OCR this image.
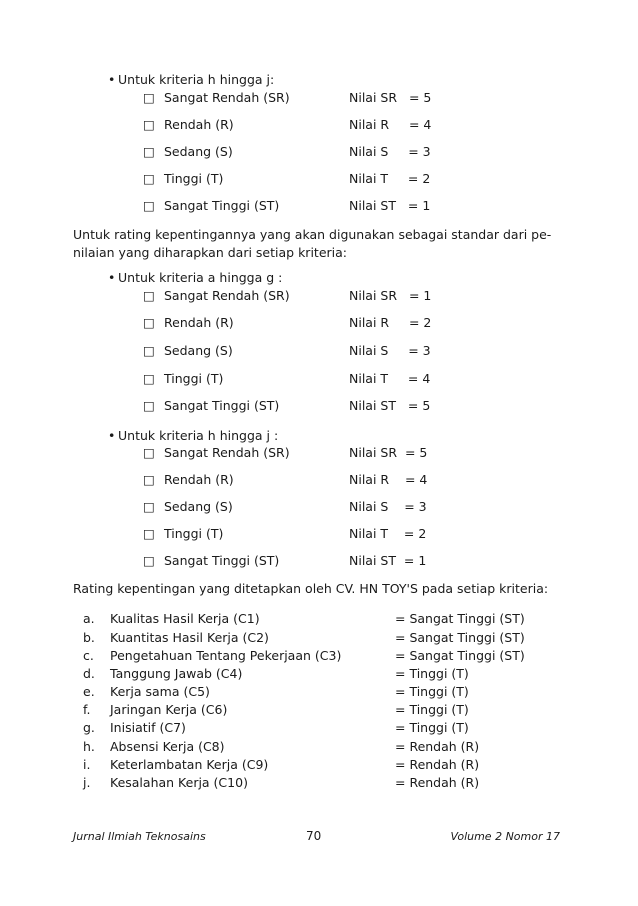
• Untuk kriteria h hingga j:
□ Sangat Rendah (SR)	Nilai SR   = 5
□ Rendah (R)	Nilai R     = 4
□ Sedang (S)	Nilai S     = 3
□ Tinggi (T)	Nilai T     = 2
□ Sangat Tinggi (ST)	Nilai ST   = 1
Untuk rating kepentingannya yang akan digunakan sebagai standar dari pe-nilaian yang diharapkan dari setiap kriteria:
• Untuk kriteria a hingga g :
□ Sangat Rendah (SR)	Nilai SR   = 1
□ Rendah (R)	Nilai R     = 2
□ Sedang (S)	Nilai S     = 3
□ Tinggi (T)	Nilai T     = 4
□ Sangat Tinggi (ST)	Nilai ST   = 5
• Untuk kriteria h hingga j :
□ Sangat Rendah (SR)	Nilai SR  = 5
□ Rendah (R)	Nilai R    = 4
□ Sedang (S)	Nilai S    = 3
□ Tinggi (T)	Nilai T    = 2
□ Sangat Tinggi (ST)	Nilai ST  = 1
Rating kepentingan yang ditetapkan oleh CV. HN TOY'S pada setiap kriteria:
a. Kualitas Hasil Kerja (C1)	= Sangat Tinggi (ST)
b. Kuantitas Hasil Kerja (C2)	= Sangat Tinggi (ST)
c. Pengetahuan Tentang Pekerjaan (C3)	= Sangat Tinggi (ST)
d. Tanggung Jawab (C4)	= Tinggi (T)
e. Kerja sama (C5)	= Tinggi (T)
f. Jaringan Kerja (C6)	= Tinggi (T)
g. Inisiatif (C7)	= Tinggi (T)
h. Absensi Kerja (C8)	= Rendah (R)
i. Keterlambatan Kerja (C9)	= Rendah (R)
j. Kesalahan Kerja (C10)	= Rendah (R)
Jurnal Ilmiah Teknosains	70	Volume 2 Nomor 17
